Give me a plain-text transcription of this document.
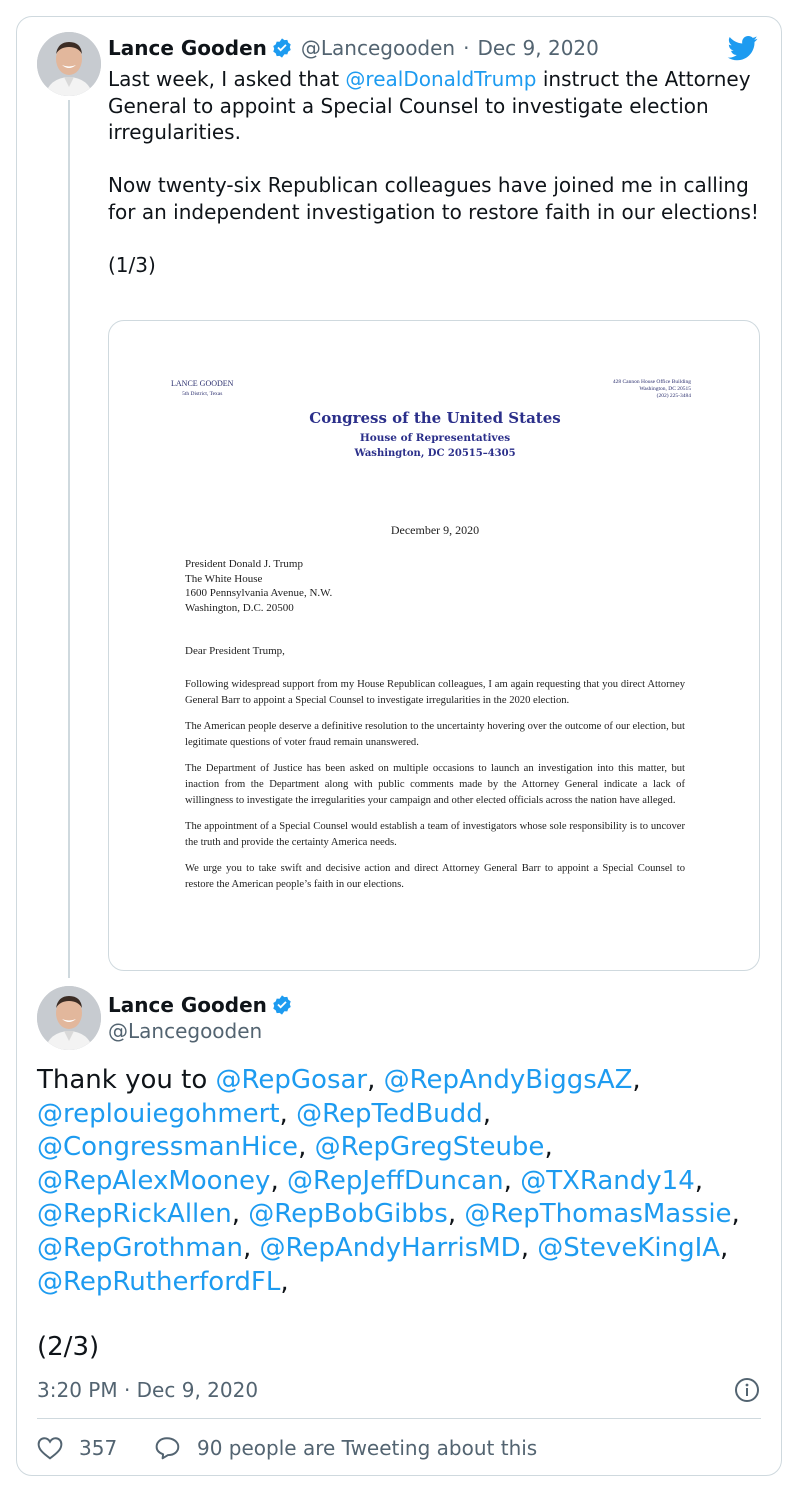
Lance Gooden @Lancegooden · Dec 9, 2020
Last week, I asked that @realDonaldTrump instruct the Attorney General to appoint a Special Counsel to investigate election irregularities.

Now twenty-six Republican colleagues have joined me in calling for an independent investigation to restore faith in our elections!

(1/3)
LANCE GOODEN
5th District, Texas
428 Cannon House Office Building
Washington, DC 20515
(202) 225-3484
Congress of the United States
House of Representatives
Washington, DC 20515–4305
December 9, 2020
President Donald J. Trump
The White House
1600 Pennsylvania Avenue, N.W.
Washington, D.C. 20500
Dear President Trump,

Following widespread support from my House Republican colleagues, I am again requesting that you direct Attorney General Barr to appoint a Special Counsel to investigate irregularities in the 2020 election.

The American people deserve a definitive resolution to the uncertainty hovering over the outcome of our election, but legitimate questions of voter fraud remain unanswered.

The Department of Justice has been asked on multiple occasions to launch an investigation into this matter, but inaction from the Department along with public comments made by the Attorney General indicate a lack of willingness to investigate the irregularities your campaign and other elected officials across the nation have alleged.

The appointment of a Special Counsel would establish a team of investigators whose sole responsibility is to uncover the truth and provide the certainty America needs.

We urge you to take swift and decisive action and direct Attorney General Barr to appoint a Special Counsel to restore the American people’s faith in our elections.

Lance Gooden
@Lancegooden
Thank you to @RepGosar, @RepAndyBiggsAZ,
@replouiegohmert, @RepTedBudd,
@CongressmanHice, @RepGregSteube,
@RepAlexMooney, @RepJeffDuncan, @TXRandy14,
@RepRickAllen, @RepBobGibbs, @RepThomasMassie,
@RepGrothman, @RepAndyHarrisMD, @SteveKingIA,
@RepRutherfordFL,
(2/3)
3:20 PM · Dec 9, 2020
357	90 people are Tweeting about this
